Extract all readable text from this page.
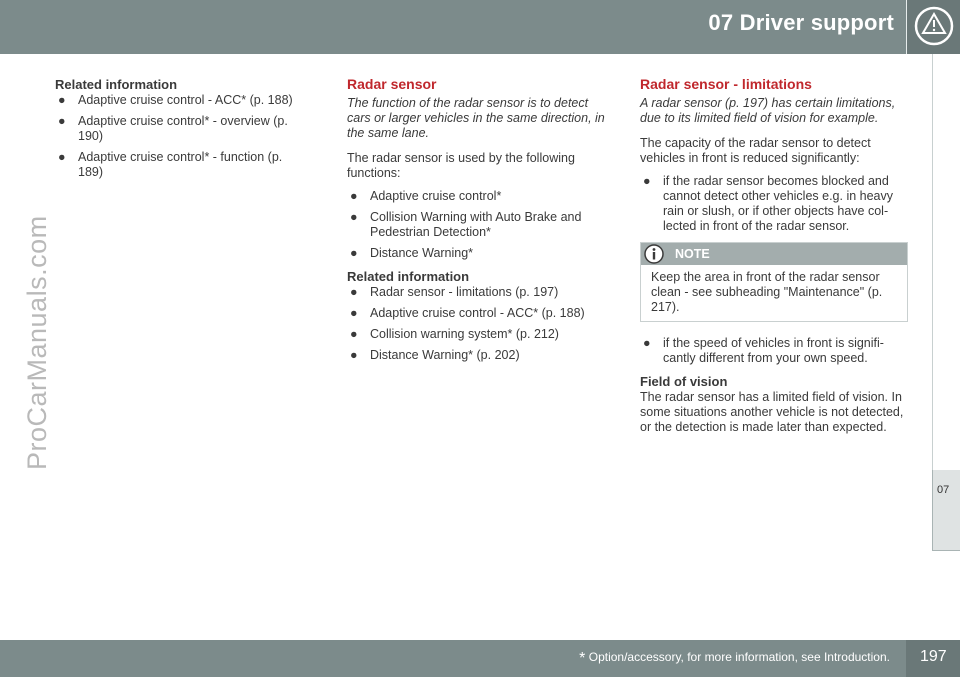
07 Driver support
07
ProCarManuals.com
Related information
● Adaptive cruise control - ACC* (p. 188)
● Adaptive cruise control* - overview (p. 190)
● Adaptive cruise control* - function (p. 189)
Radar sensor

The function of the radar sensor is to detect cars or larger vehicles in the same direction, in the same lane.

The radar sensor is used by the following functions:

● Adaptive cruise control*
● Collision Warning with Auto Brake and Pedestrian Detection*
● Distance Warning*
Related information
● Radar sensor - limitations (p. 197)
● Adaptive cruise control - ACC* (p. 188)
● Collision warning system* (p. 212)
● Distance Warning* (p. 202)
Radar sensor - limitations

A radar sensor (p. 197) has certain limitations, due to its limited field of vision for example.

The capacity of the radar sensor to detect vehicles in front is reduced significantly:

● if the radar sensor becomes blocked and cannot detect other vehicles e.g. in heavy rain or slush, or if other objects have col-lected in front of the radar sensor.
NOTE
Keep the area in front of the radar sensor clean - see subheading "Maintenance" (p. 217).
● if the speed of vehicles in front is signifi-cantly different from your own speed.
Field of vision

The radar sensor has a limited field of vision. In some situations another vehicle is not detected, or the detection is made later than expected.

* Option/accessory, for more information, see Introduction. 197
